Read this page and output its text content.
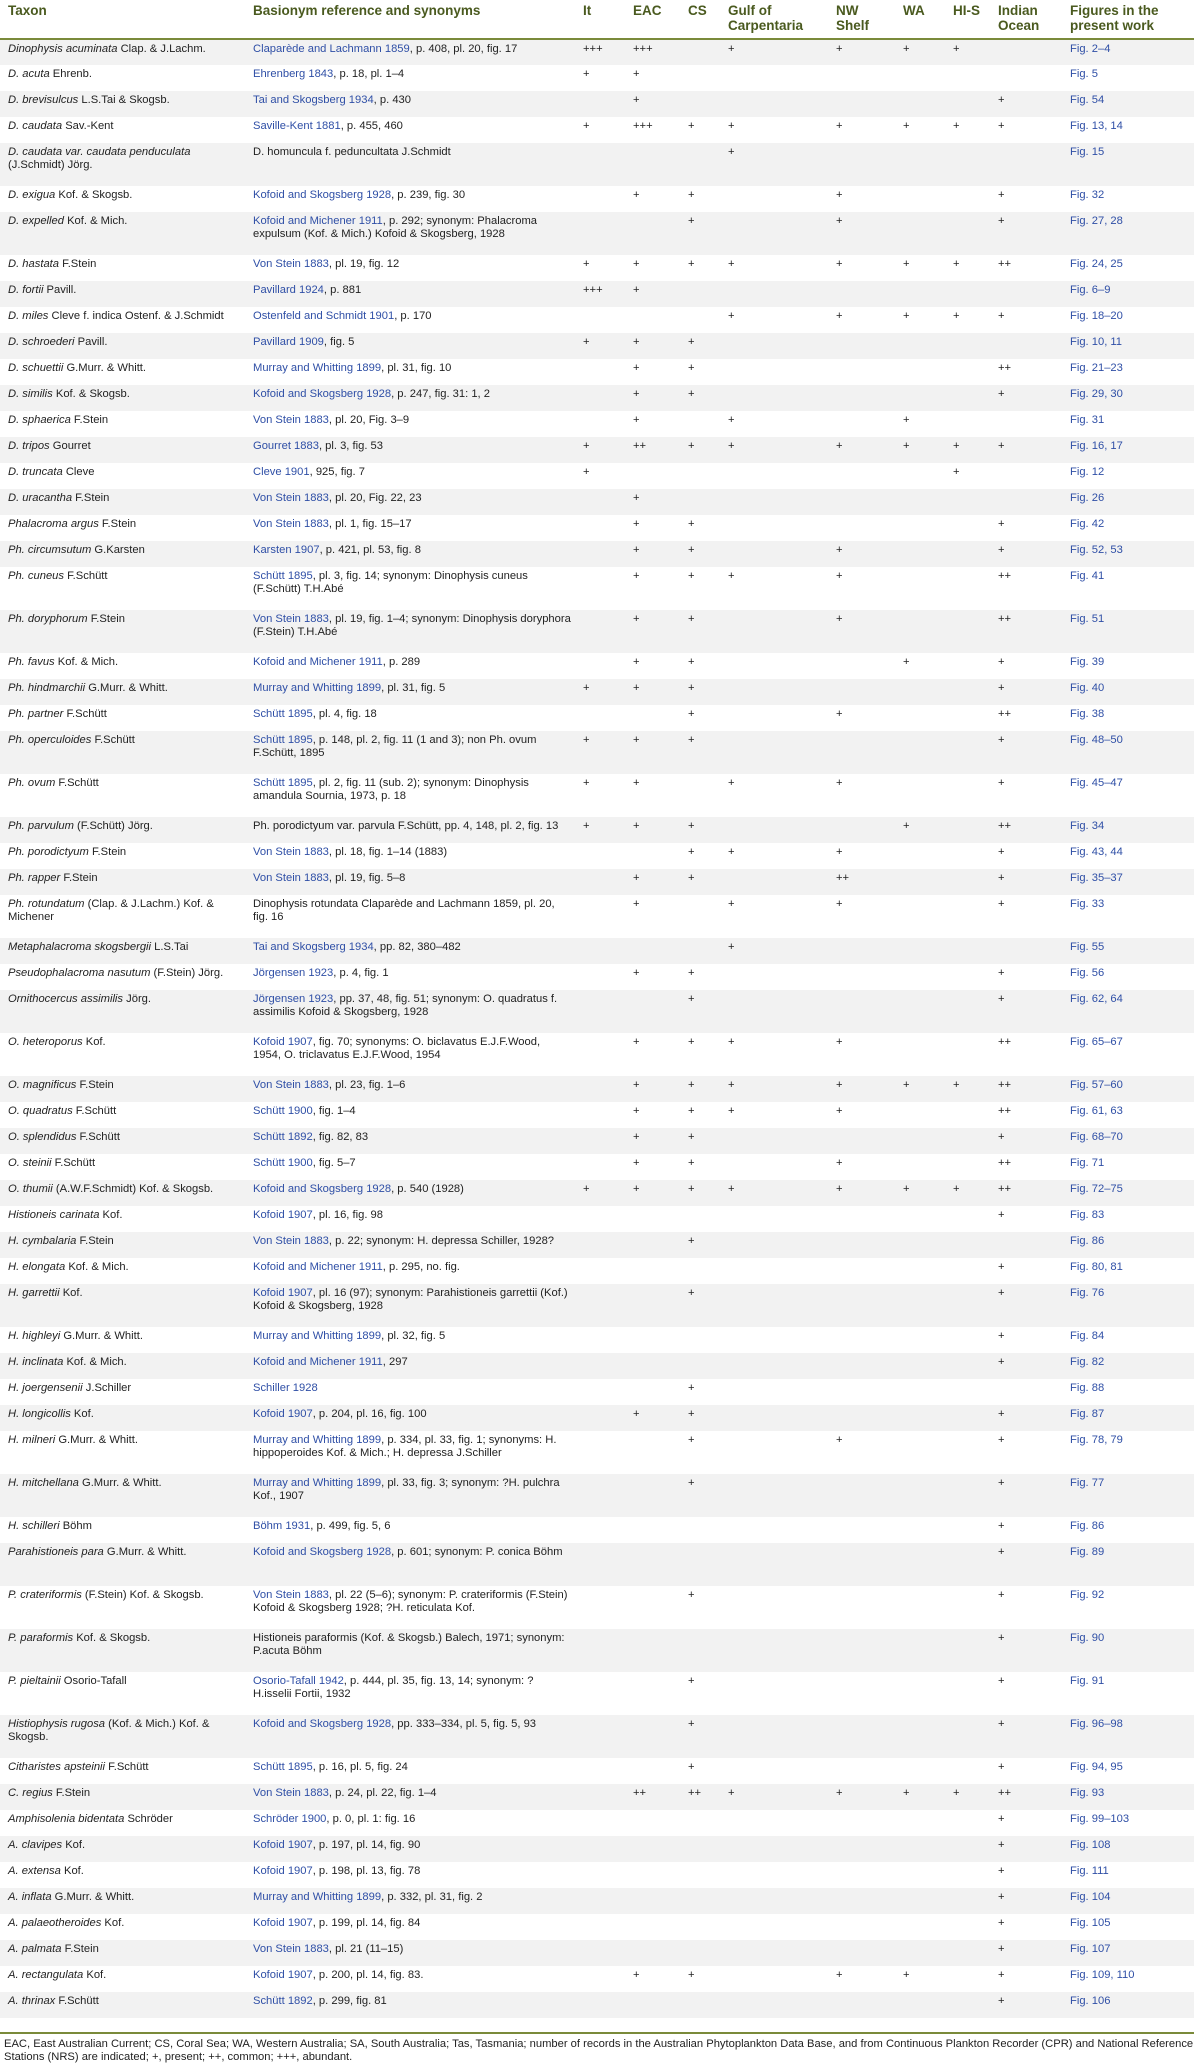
Taxon	Basionym reference and synonyms	It	EAC	CS	Gulf of Carpentaria	NW Shelf	WA	HI-S	Indian Ocean	Figures in the present work
Dinophysis acuminata Clap. & J.Lachm.	Claparède and Lachmann 1859, p. 408, pl. 20, fig. 17	+++	+++		+	+	+	+		Fig. 2–4
D. acuta Ehrenb.	Ehrenberg 1843, p. 18, pl. 1–4	+	+							Fig. 5
D. brevisulcus L.S.Tai & Skogsb.	Tai and Skogsberg 1934, p. 430		+						+	Fig. 54
D. caudata Sav.-Kent	Saville-Kent 1881, p. 455, 460	+	+++	+	+	+	+	+	+	Fig. 13, 14
D. caudata var. caudata penduculata (J.Schmidt) Jörg.	D. homuncula f. peduncultata J.Schmidt				+					Fig. 15
D. exigua Kof. & Skogsb.	Kofoid and Skogsberg 1928, p. 239, fig. 30		+	+		+			+	Fig. 32
D. expelled Kof. & Mich.	Kofoid and Michener 1911, p. 292; synonym: Phalacroma expulsum (Kof. & Mich.) Kofoid & Skogsberg, 1928			+		+			+	Fig. 27, 28
D. hastata F.Stein	Von Stein 1883, pl. 19, fig. 12	+	+	+	+	+	+	+	++	Fig. 24, 25
D. fortii Pavill.	Pavillard 1924, p. 881	+++	+							Fig. 6–9
D. miles Cleve f. indica Ostenf. & J.Schmidt	Ostenfeld and Schmidt 1901, p. 170				+	+	+	+	+	Fig. 18–20
D. schroederi Pavill.	Pavillard 1909, fig. 5	+	+	+						Fig. 10, 11
D. schuettii G.Murr. & Whitt.	Murray and Whitting 1899, pl. 31, fig. 10		+	+					++	Fig. 21–23
D. similis Kof. & Skogsb.	Kofoid and Skogsberg 1928, p. 247, fig. 31: 1, 2		+	+					+	Fig. 29, 30
D. sphaerica F.Stein	Von Stein 1883, pl. 20, Fig. 3–9		+		+		+			Fig. 31
D. tripos Gourret	Gourret 1883, pl. 3, fig. 53	+	++	+	+	+	+	+	+	Fig. 16, 17
D. truncata Cleve	Cleve 1901, 925, fig. 7	+						+		Fig. 12
D. uracantha F.Stein	Von Stein 1883, pl. 20, Fig. 22, 23		+							Fig. 26
Phalacroma argus F.Stein	Von Stein 1883, pl. 1, fig. 15–17		+	+					+	Fig. 42
Ph. circumsutum G.Karsten	Karsten 1907, p. 421, pl. 53, fig. 8		+	+		+			+	Fig. 52, 53
Ph. cuneus F.Schütt	Schütt 1895, pl. 3, fig. 14; synonym: Dinophysis cuneus (F.Schütt) T.H.Abé		+	+	+	+			++	Fig. 41
Ph. doryphorum F.Stein	Von Stein 1883, pl. 19, fig. 1–4; synonym: Dinophysis doryphora (F.Stein) T.H.Abé		+	+		+			++	Fig. 51
Ph. favus Kof. & Mich.	Kofoid and Michener 1911, p. 289		+	+			+		+	Fig. 39
Ph. hindmarchii G.Murr. & Whitt.	Murray and Whitting 1899, pl. 31, fig. 5	+	+	+					+	Fig. 40
Ph. partner F.Schütt	Schütt 1895, pl. 4, fig. 18			+		+			++	Fig. 38
Ph. operculoides F.Schütt	Schütt 1895, p. 148, pl. 2, fig. 11 (1 and 3); non Ph. ovum F.Schütt, 1895	+	+	+					+	Fig. 48–50
Ph. ovum F.Schütt	Schütt 1895, pl. 2, fig. 11 (sub. 2); synonym: Dinophysis amandula Sournia, 1973, p. 18	+	+		+	+			+	Fig. 45–47
Ph. parvulum (F.Schütt) Jörg.	Ph. porodictyum var. parvula F.Schütt, pp. 4, 148, pl. 2, fig. 13	+	+	+			+		++	Fig. 34
Ph. porodictyum F.Stein	Von Stein 1883, pl. 18, fig. 1–14 (1883)			+	+	+			+	Fig. 43, 44
Ph. rapper F.Stein	Von Stein 1883, pl. 19, fig. 5–8		+	+		++			+	Fig. 35–37
Ph. rotundatum (Clap. & J.Lachm.) Kof. & Michener	Dinophysis rotundata Claparède and Lachmann 1859, pl. 20, fig. 16		+		+	+			+	Fig. 33
Metaphalacroma skogsbergii L.S.Tai	Tai and Skogsberg 1934, pp. 82, 380–482				+					Fig. 55
Pseudophalacroma nasutum (F.Stein) Jörg.	Jörgensen 1923, p. 4, fig. 1		+	+					+	Fig. 56
Ornithocercus assimilis Jörg.	Jörgensen 1923, pp. 37, 48, fig. 51; synonym: O. quadratus f. assimilis Kofoid & Skogsberg, 1928			+					+	Fig. 62, 64
O. heteroporus Kof.	Kofoid 1907, fig. 70; synonyms: O. biclavatus E.J.F.Wood, 1954, O. triclavatus E.J.F.Wood, 1954		+	+	+	+			++	Fig. 65–67
O. magnificus F.Stein	Von Stein 1883, pl. 23, fig. 1–6		+	+	+	+	+	+	++	Fig. 57–60
O. quadratus F.Schütt	Schütt 1900, fig. 1–4		+	+	+	+			++	Fig. 61, 63
O. splendidus F.Schütt	Schütt 1892, fig. 82, 83		+	+					+	Fig. 68–70
O. steinii F.Schütt	Schütt 1900, fig. 5–7		+	+		+			++	Fig. 71
O. thumii (A.W.F.Schmidt) Kof. & Skogsb.	Kofoid and Skogsberg 1928, p. 540 (1928)	+	+	+	+	+	+	+	++	Fig. 72–75
Histioneis carinata Kof.	Kofoid 1907, pl. 16, fig. 98								+	Fig. 83
H. cymbalaria F.Stein	Von Stein 1883, p. 22; synonym: H. depressa Schiller, 1928?			+						Fig. 86
H. elongata Kof. & Mich.	Kofoid and Michener 1911, p. 295, no. fig.								+	Fig. 80, 81
H. garrettii Kof.	Kofoid 1907, pl. 16 (97); synonym: Parahistioneis garrettii (Kof.) Kofoid & Skogsberg, 1928			+					+	Fig. 76
H. highleyi G.Murr. & Whitt.	Murray and Whitting 1899, pl. 32, fig. 5								+	Fig. 84
H. inclinata Kof. & Mich.	Kofoid and Michener 1911, 297								+	Fig. 82
H. joergensenii J.Schiller	Schiller 1928			+						Fig. 88
H. longicollis Kof.	Kofoid 1907, p. 204, pl. 16, fig. 100		+	+					+	Fig. 87
H. milneri G.Murr. & Whitt.	Murray and Whitting 1899, p. 334, pl. 33, fig. 1; synonyms: H. hippoperoides Kof. & Mich.; H. depressa J.Schiller			+		+			+	Fig. 78, 79
H. mitchellana G.Murr. & Whitt.	Murray and Whitting 1899, pl. 33, fig. 3; synonym: ?H. pulchra Kof., 1907			+					+	Fig. 77
H. schilleri Böhm	Böhm 1931, p. 499, fig. 5, 6								+	Fig. 86
Parahistioneis para G.Murr. & Whitt.	Kofoid and Skogsberg 1928, p. 601; synonym: P. conica Böhm								+	Fig. 89
P. crateriformis (F.Stein) Kof. & Skogsb.	Von Stein 1883, pl. 22 (5–6); synonym: P. crateriformis (F.Stein) Kofoid & Skogsberg 1928; ?H. reticulata Kof.			+					+	Fig. 92
P. paraformis Kof. & Skogsb.	Histioneis paraformis (Kof. & Skogsb.) Balech, 1971; synonym: P.acuta Böhm								+	Fig. 90
P. pieltainii Osorio-Tafall	Osorio-Tafall 1942, p. 444, pl. 35, fig. 13, 14; synonym: ?H.isselii Fortii, 1932			+					+	Fig. 91
Histiophysis rugosa (Kof. & Mich.) Kof. & Skogsb.	Kofoid and Skogsberg 1928, pp. 333–334, pl. 5, fig. 5, 93			+					+	Fig. 96–98
Citharistes apsteinii F.Schütt	Schütt 1895, p. 16, pl. 5, fig. 24			+					+	Fig. 94, 95
C. regius F.Stein	Von Stein 1883, p. 24, pl. 22, fig. 1–4		++	++	+	+	+	+	++	Fig. 93
Amphisolenia bidentata Schröder	Schröder 1900, p. 0, pl. 1: fig. 16								+	Fig. 99–103
A. clavipes Kof.	Kofoid 1907, p. 197, pl. 14, fig. 90								+	Fig. 108
A. extensa Kof.	Kofoid 1907, p. 198, pl. 13, fig. 78								+	Fig. 111
A. inflata G.Murr. & Whitt.	Murray and Whitting 1899, p. 332, pl. 31, fig. 2								+	Fig. 104
A. palaeotheroides Kof.	Kofoid 1907, p. 199, pl. 14, fig. 84								+	Fig. 105
A. palmata F.Stein	Von Stein 1883, pl. 21 (11–15)								+	Fig. 107
A. rectangulata Kof.	Kofoid 1907, p. 200, pl. 14, fig. 83.		+	+		+	+		+	Fig. 109, 110
A. thrinax F.Schütt	Schütt 1892, p. 299, fig. 81								+	Fig. 106
EAC, East Australian Current; CS, Coral Sea; WA, Western Australia; SA, South Australia; Tas, Tasmania; number of records in the Australian Phytoplankton Data Base, and from Continuous Plankton Recorder (CPR) and National Reference Stations (NRS) are indicated; +, present; ++, common; +++, abundant.
